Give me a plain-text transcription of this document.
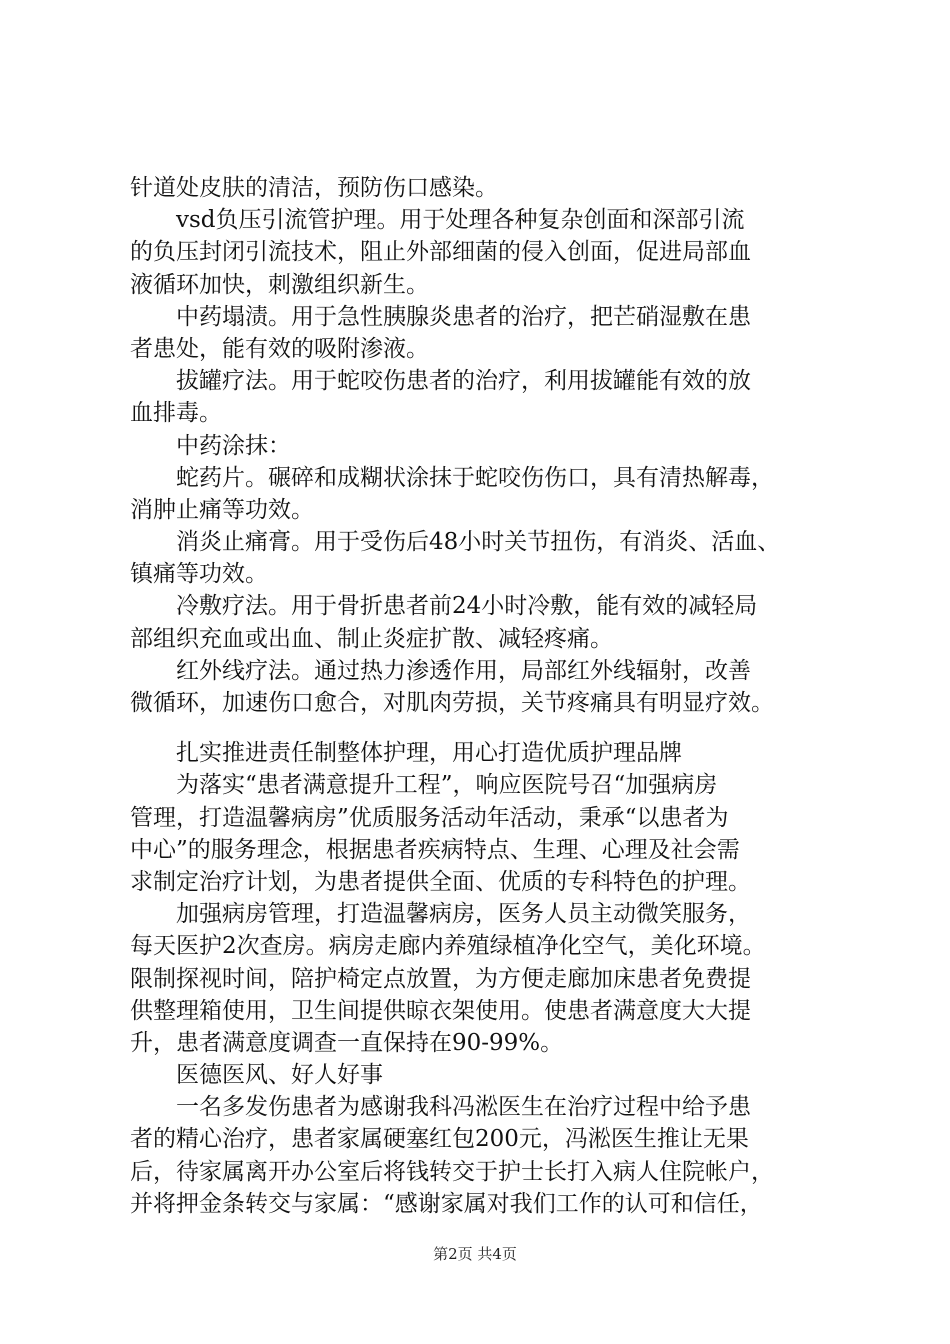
针道处皮肤的清洁，预防伤口感染。
　　vsd负压引流管护理。用于处理各种复杂创面和深部引流
的负压封闭引流技术，阻止外部细菌的侵入创面，促进局部血
液循环加快，刺激组织新生。
　　中药塌渍。用于急性胰腺炎患者的治疗，把芒硝湿敷在患
者患处，能有效的吸附渗液。
　　拔罐疗法。用于蛇咬伤患者的治疗，利用拔罐能有效的放
血排毒。
　　中药涂抹：
　　蛇药片。碾碎和成糊状涂抹于蛇咬伤伤口，具有清热解毒，
消肿止痛等功效。
　　消炎止痛膏。用于受伤后48小时关节扭伤，有消炎、活血、
镇痛等功效。
　　冷敷疗法。用于骨折患者前24小时冷敷，能有效的减轻局
部组织充血或出血、制止炎症扩散、减轻疼痛。
　　红外线疗法。通过热力渗透作用，局部红外线辐射，改善
微循环，加速伤口愈合，对肌肉劳损，关节疼痛具有明显疗效。
　　扎实推进责任制整体护理，用心打造优质护理品牌
　　为落实“患者满意提升工程”，响应医院号召“加强病房
管理，打造温馨病房”优质服务活动年活动，秉承“以患者为
中心”的服务理念，根据患者疾病特点、生理、心理及社会需
求制定治疗计划，为患者提供全面、优质的专科特色的护理。
　　加强病房管理，打造温馨病房，医务人员主动微笑服务，
每天医护2次查房。病房走廊内养殖绿植净化空气，美化环境。
限制探视时间，陪护椅定点放置，为方便走廊加床患者免费提
供整理箱使用，卫生间提供晾衣架使用。使患者满意度大大提
升，患者满意度调查一直保持在90-99%。
　　医德医风、好人好事
　　一名多发伤患者为感谢我科冯淞医生在治疗过程中给予患
者的精心治疗，患者家属硬塞红包200元，冯淞医生推让无果
后，待家属离开办公室后将钱转交于护士长打入病人住院帐户，
并将押金条转交与家属：“感谢家属对我们工作的认可和信任，
第2页 共4页
